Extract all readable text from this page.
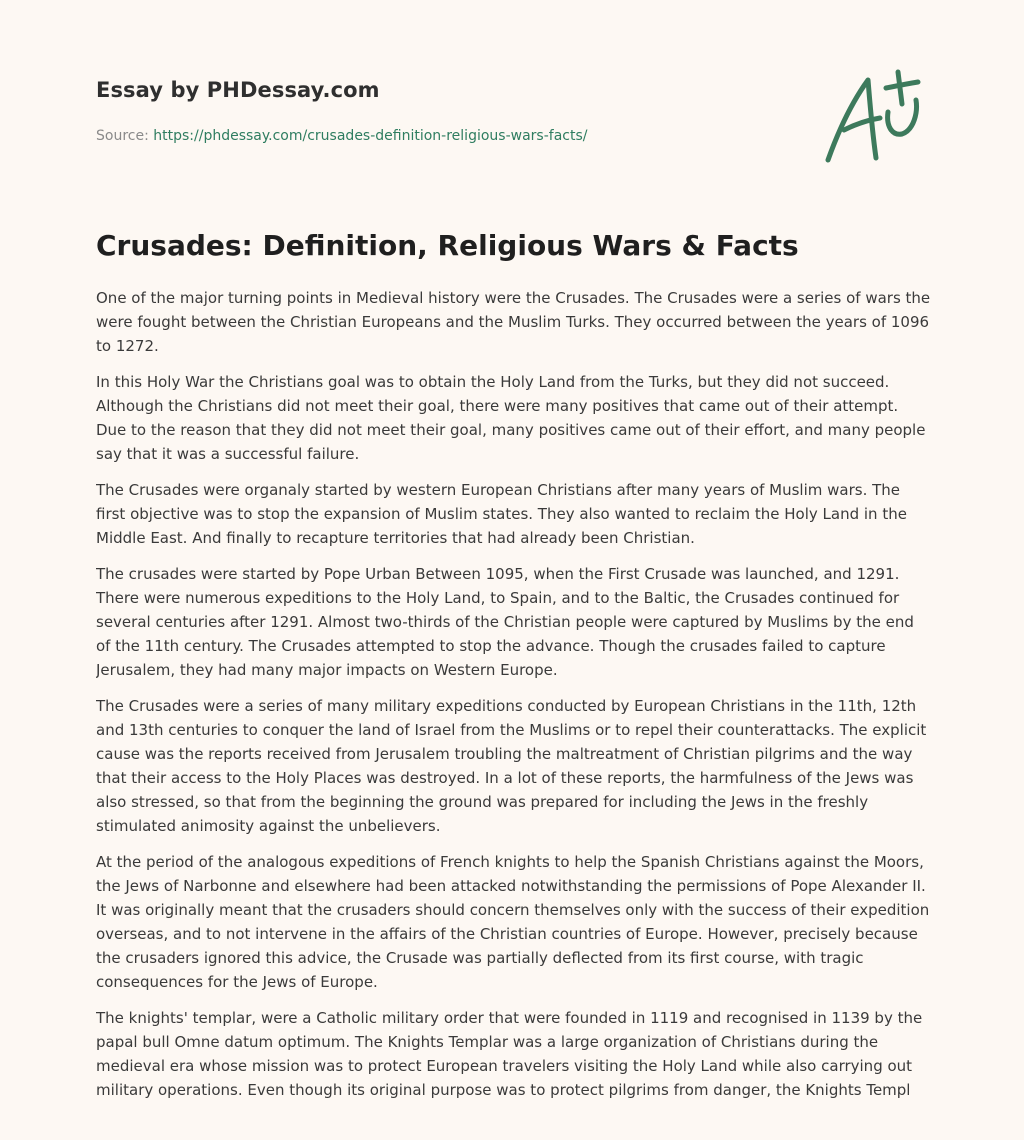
Essay by PHDessay.com
Source: https://phdessay.com/crusades-definition-religious-wars-facts/
Crusades: Definition, Religious Wars & Facts

One of the major turning points in Medieval history were the Crusades. The Crusades were a series of wars the were fought between the Christian Europeans and the Muslim Turks. They occurred between the years of 1096 to 1272.

In this Holy War the Christians goal was to obtain the Holy Land from the Turks, but they did not succeed. Although the Christians did not meet their goal, there were many positives that came out of their attempt. Due to the reason that they did not meet their goal, many positives came out of their effort, and many people say that it was a successful failure.

The Crusades were organaly started by western European Christians after many years of Muslim wars. The first objective was to stop the expansion of Muslim states. They also wanted to reclaim the Holy Land in the Middle East. And finally to recapture territories that had already been Christian.

The crusades were started by Pope Urban Between 1095, when the First Crusade was launched, and 1291. There were numerous expeditions to the Holy Land, to Spain, and to the Baltic, the Crusades continued for several centuries after 1291. Almost two-thirds of the Christian people were captured by Muslims by the end of the 11th century. The Crusades attempted to stop the advance. Though the crusades failed to capture Jerusalem, they had many major impacts on Western Europe.

The Crusades were a series of many military expeditions conducted by European Christians in the 11th, 12th and 13th centuries to conquer the land of Israel from the Muslims or to repel their counterattacks. The explicit cause was the reports received from Jerusalem troubling the maltreatment of Christian pilgrims and the way that their access to the Holy Places was destroyed. In a lot of these reports, the harmfulness of the Jews was also stressed, so that from the beginning the ground was prepared for including the Jews in the freshly stimulated animosity against the unbelievers.

At the period of the analogous expeditions of French knights to help the Spanish Christians against the Moors, the Jews of Narbonne and elsewhere had been attacked notwithstanding the permissions of Pope Alexander II. It was originally meant that the crusaders should concern themselves only with the success of their expedition overseas, and to not intervene in the affairs of the Christian countries of Europe. However, precisely because the crusaders ignored this advice, the Crusade was partially deflected from its first course, with tragic consequences for the Jews of Europe.

The knights' templar, were a Catholic military order that were founded in 1119 and recognised in 1139 by the papal bull Omne datum optimum. The Knights Templar was a large organization of Christians during the medieval era whose mission was to protect European travelers visiting the Holy Land while also carrying out military operations. Even though its original purpose was to protect pilgrims from danger, the Knights Templ
